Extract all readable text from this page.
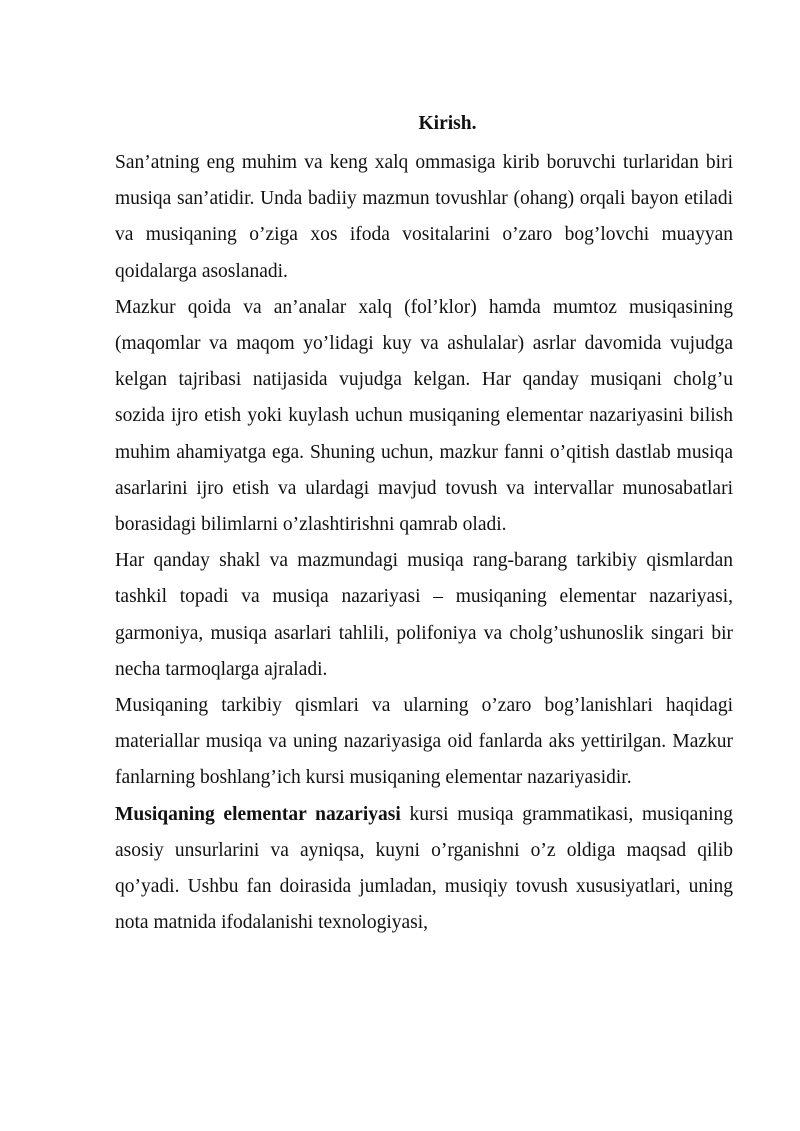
Kirish.

San’atning eng muhim va keng xalq ommasiga kirib boruvchi turlaridan biri musiqa san’atidir. Unda badiiy mazmun tovushlar (ohang) orqali bayon etiladi va musiqaning o’ziga xos ifoda vositalarini o’zaro bog’lovchi muayyan qoidalarga asoslanadi.

Mazkur qoida va an’analar xalq (fol’klor) hamda mumtoz musiqasining (maqomlar va maqom yo’lidagi kuy va ashulalar) asrlar davomida vujudga kelgan tajribasi natijasida vujudga kelgan. Har qanday musiqani cholg’u sozida ijro etish yoki kuylash uchun musiqaning elementar nazariyasini bilish muhim ahamiyatga ega. Shuning uchun, mazkur fanni o’qitish dastlab musiqa asarlarini ijro etish va ulardagi mavjud tovush va intervallar munosabatlari borasidagi bilimlarni o’zlashtirishni qamrab oladi.

Har qanday shakl va mazmundagi musiqa rang-barang tarkibiy qismlardan tashkil topadi va musiqa nazariyasi – musiqaning elementar nazariyasi, garmoniya, musiqa asarlari tahlili, polifoniya va cholg’ushunoslik singari bir necha tarmoqlarga ajraladi.

Musiqaning tarkibiy qismlari va ularning o’zaro bog’lanishlari haqidagi materiallar musiqa va uning nazariyasiga oid fanlarda aks yettirilgan. Mazkur fanlarning boshlang’ich kursi musiqaning elementar nazariyasidir.

Musiqaning elementar nazariyasi kursi musiqa grammatikasi, musiqaning asosiy unsurlarini va ayniqsa, kuyni o’rganishni o’z oldiga maqsad qilib qo’yadi. Ushbu fan doirasida jumladan, musiqiy tovush xususiyatlari, uning nota matnida ifodalanishi texnologiyasi,
